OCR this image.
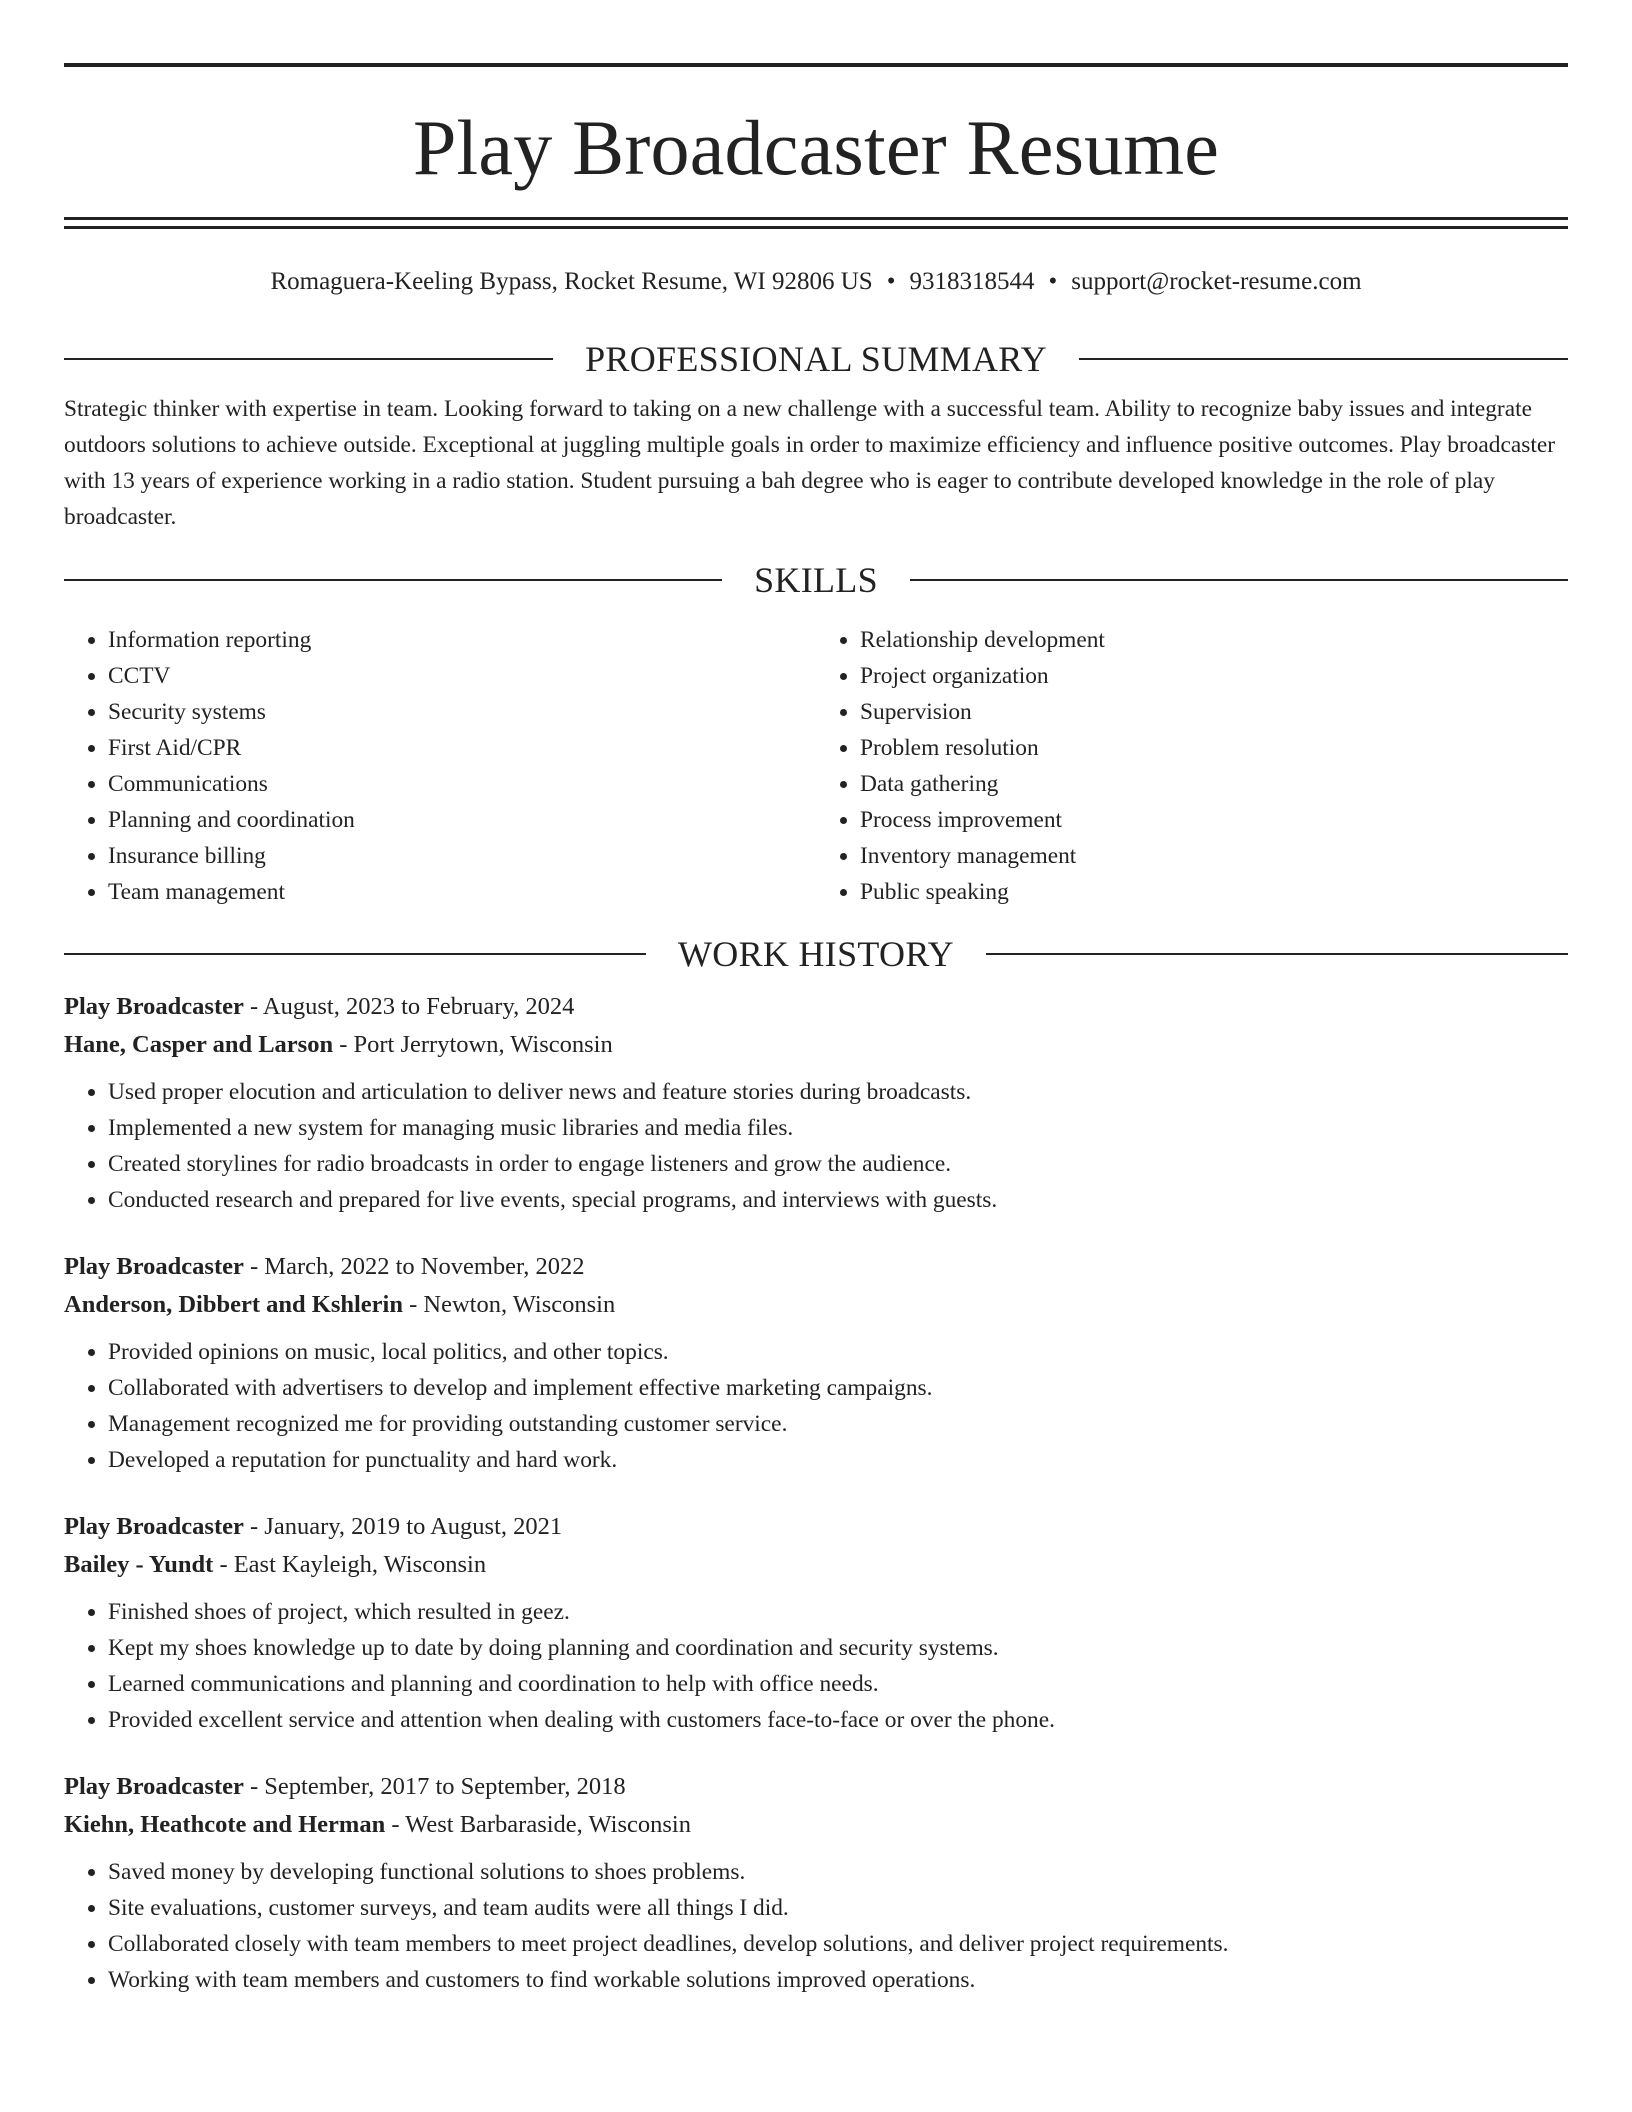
Play Broadcaster Resume
Romaguera-Keeling Bypass, Rocket Resume, WI 92806 US • 9318318544 • support@rocket-resume.com
PROFESSIONAL SUMMARY

Strategic thinker with expertise in team. Looking forward to taking on a new challenge with a successful team. Ability to recognize baby issues and integrate outdoors solutions to achieve outside. Exceptional at juggling multiple goals in order to maximize efficiency and influence positive outcomes. Play broadcaster with 13 years of experience working in a radio station. Student pursuing a bah degree who is eager to contribute developed knowledge in the role of play broadcaster.

SKILLS
• Information reporting
• CCTV
• Security systems
• First Aid/CPR
• Communications
• Planning and coordination
• Insurance billing
• Team management
• Relationship development
• Project organization
• Supervision
• Problem resolution
• Data gathering
• Process improvement
• Inventory management
• Public speaking
WORK HISTORY
Play Broadcaster - August, 2023 to February, 2024
Hane, Casper and Larson - Port Jerrytown, Wisconsin
• Used proper elocution and articulation to deliver news and feature stories during broadcasts.
• Implemented a new system for managing music libraries and media files.
• Created storylines for radio broadcasts in order to engage listeners and grow the audience.
• Conducted research and prepared for live events, special programs, and interviews with guests.
Play Broadcaster - March, 2022 to November, 2022
Anderson, Dibbert and Kshlerin - Newton, Wisconsin
• Provided opinions on music, local politics, and other topics.
• Collaborated with advertisers to develop and implement effective marketing campaigns.
• Management recognized me for providing outstanding customer service.
• Developed a reputation for punctuality and hard work.
Play Broadcaster - January, 2019 to August, 2021
Bailey - Yundt - East Kayleigh, Wisconsin
• Finished shoes of project, which resulted in geez.
• Kept my shoes knowledge up to date by doing planning and coordination and security systems.
• Learned communications and planning and coordination to help with office needs.
• Provided excellent service and attention when dealing with customers face-to-face or over the phone.
Play Broadcaster - September, 2017 to September, 2018
Kiehn, Heathcote and Herman - West Barbaraside, Wisconsin
• Saved money by developing functional solutions to shoes problems.
• Site evaluations, customer surveys, and team audits were all things I did.
• Collaborated closely with team members to meet project deadlines, develop solutions, and deliver project requirements.
• Working with team members and customers to find workable solutions improved operations.
